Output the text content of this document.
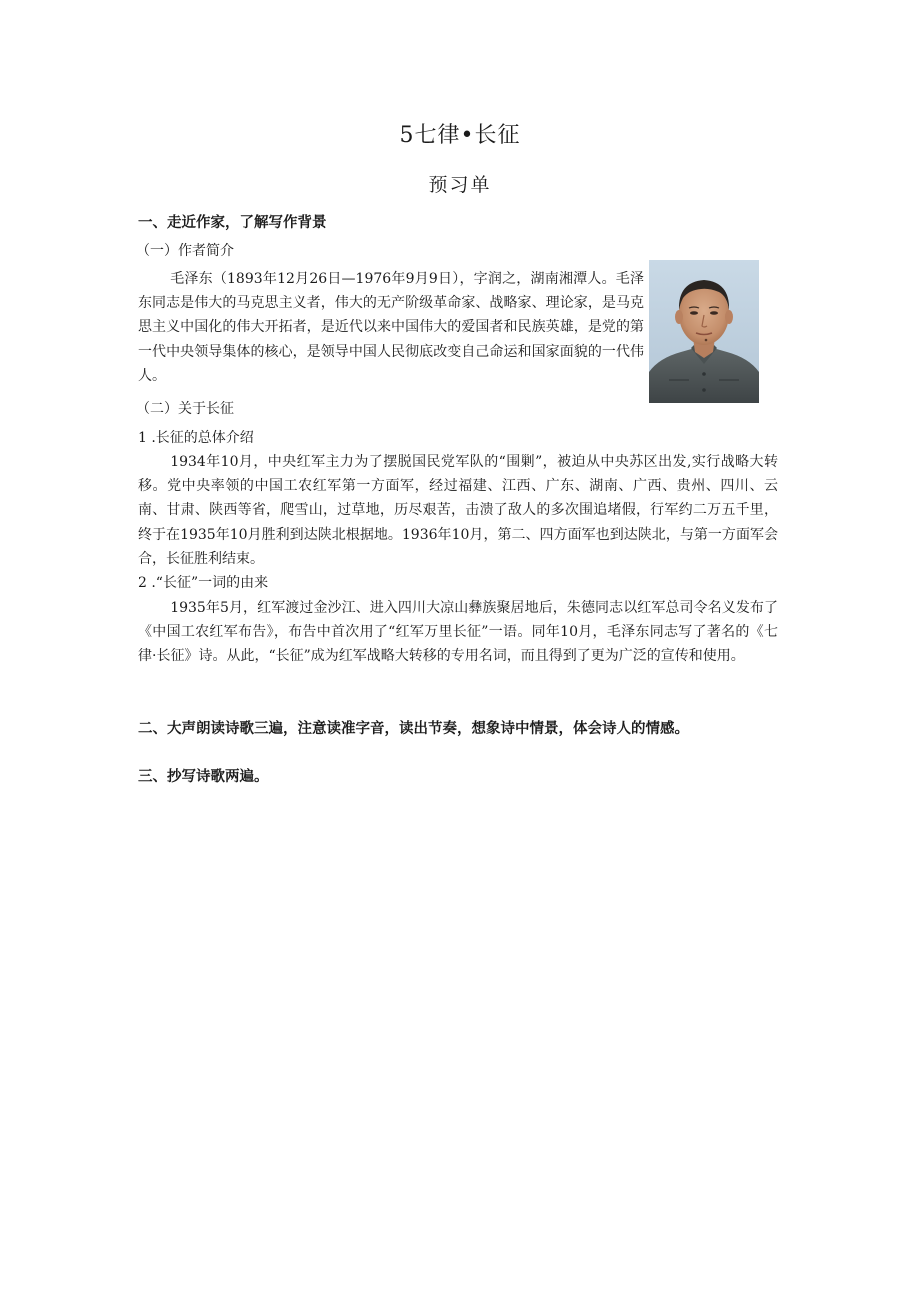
5七律•长征
预习单
一、走近作家，了解写作背景
（一）作者简介

毛泽东（1893年12月26日—1976年9月9日），字润之，湖南湘潭人。毛泽东同志是伟大的马克思主义者，伟大的无产阶级革命家、战略家、理论家，是马克思主义中国化的伟大开拓者，是近代以来中国伟大的爱国者和民族英雄，是党的第一代中央领导集体的核心，是领导中国人民彻底改变自己命运和国家面貌的一代伟人。

（二）关于长征
1 .长征的总体介绍

1934年10月，中央红军主力为了摆脱国民党军队的“围剿”，被迫从中央苏区出发,实行战略大转移。党中央率领的中国工农红军第一方面军，经过福建、江西、广东、湖南、广西、贵州、四川、云南、甘肃、陕西等省，爬雪山，过草地，历尽艰苦，击溃了敌人的多次围追堵假，行军约二万五千里，终于在1935年10月胜利到达陕北根据地。1936年10月，第二、四方面军也到达陕北，与第一方面军会合，长征胜利结束。

2 .“长征”一词的由来

1935年5月，红军渡过金沙江、进入四川大凉山彝族聚居地后，朱德同志以红军总司令名义发布了《中国工农红军布告》，布告中首次用了“红军万里长征”一语。同年10月，毛泽东同志写了著名的《七律·长征》诗。从此，“长征”成为红军战略大转移的专用名词，而且得到了更为广泛的宣传和使用。

二、大声朗读诗歌三遍，注意读准字音，读出节奏，想象诗中情景，体会诗人的情感。
三、抄写诗歌两遍。
